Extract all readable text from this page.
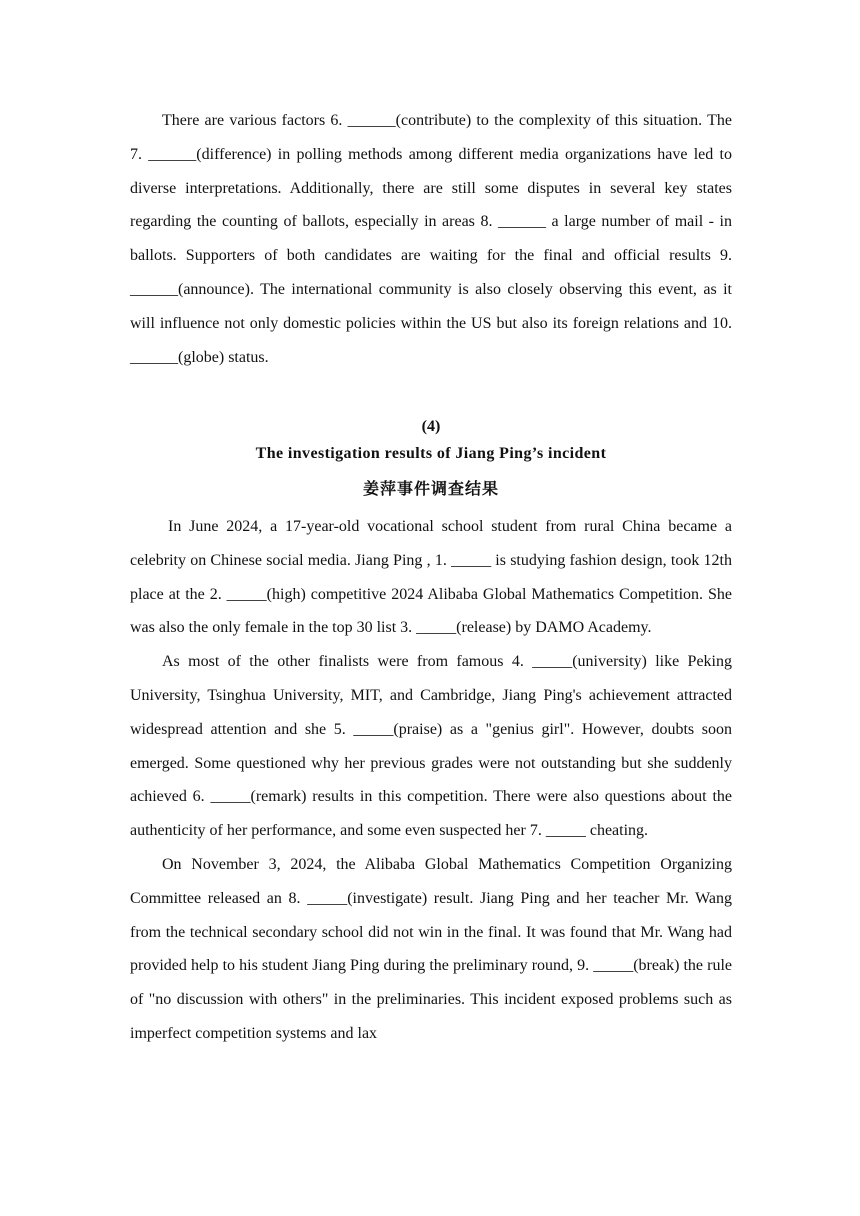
There are various factors 6. ______(contribute) to the complexity of this situation. The 7. ______(difference) in polling methods among different media organizations have led to diverse interpretations. Additionally, there are still some disputes in several key states regarding the counting of ballots, especially in areas 8. ______ a large number of mail - in ballots. Supporters of both candidates are waiting for the final and official results 9. ______(announce). The international community is also closely observing this event, as it will influence not only domestic policies within the US but also its foreign relations and 10. ______(globe) status.

(4)
The investigation results of Jiang Ping’s incident
姜萍事件调查结果

In June 2024, a 17-year-old vocational school student from rural China became a celebrity on Chinese social media. Jiang Ping , 1. _____ is studying fashion design, took 12th place at the 2. _____(high) competitive 2024 Alibaba Global Mathematics Competition. She was also the only female in the top 30 list 3. _____(release) by DAMO Academy.

As most of the other finalists were from famous 4. _____(university) like Peking University, Tsinghua University, MIT, and Cambridge, Jiang Ping's achievement attracted widespread attention and she 5. _____(praise) as a "genius girl". However, doubts soon emerged. Some questioned why her previous grades were not outstanding but she suddenly achieved 6. _____(remark) results in this competition. There were also questions about the authenticity of her performance, and some even suspected her 7. _____ cheating.

On November 3, 2024, the Alibaba Global Mathematics Competition Organizing Committee released an 8. _____(investigate) result. Jiang Ping and her teacher Mr. Wang from the technical secondary school did not win in the final. It was found that Mr. Wang had provided help to his student Jiang Ping during the preliminary round, 9. _____(break) the rule of "no discussion with others" in the preliminaries. This incident exposed problems such as imperfect competition systems and lax
